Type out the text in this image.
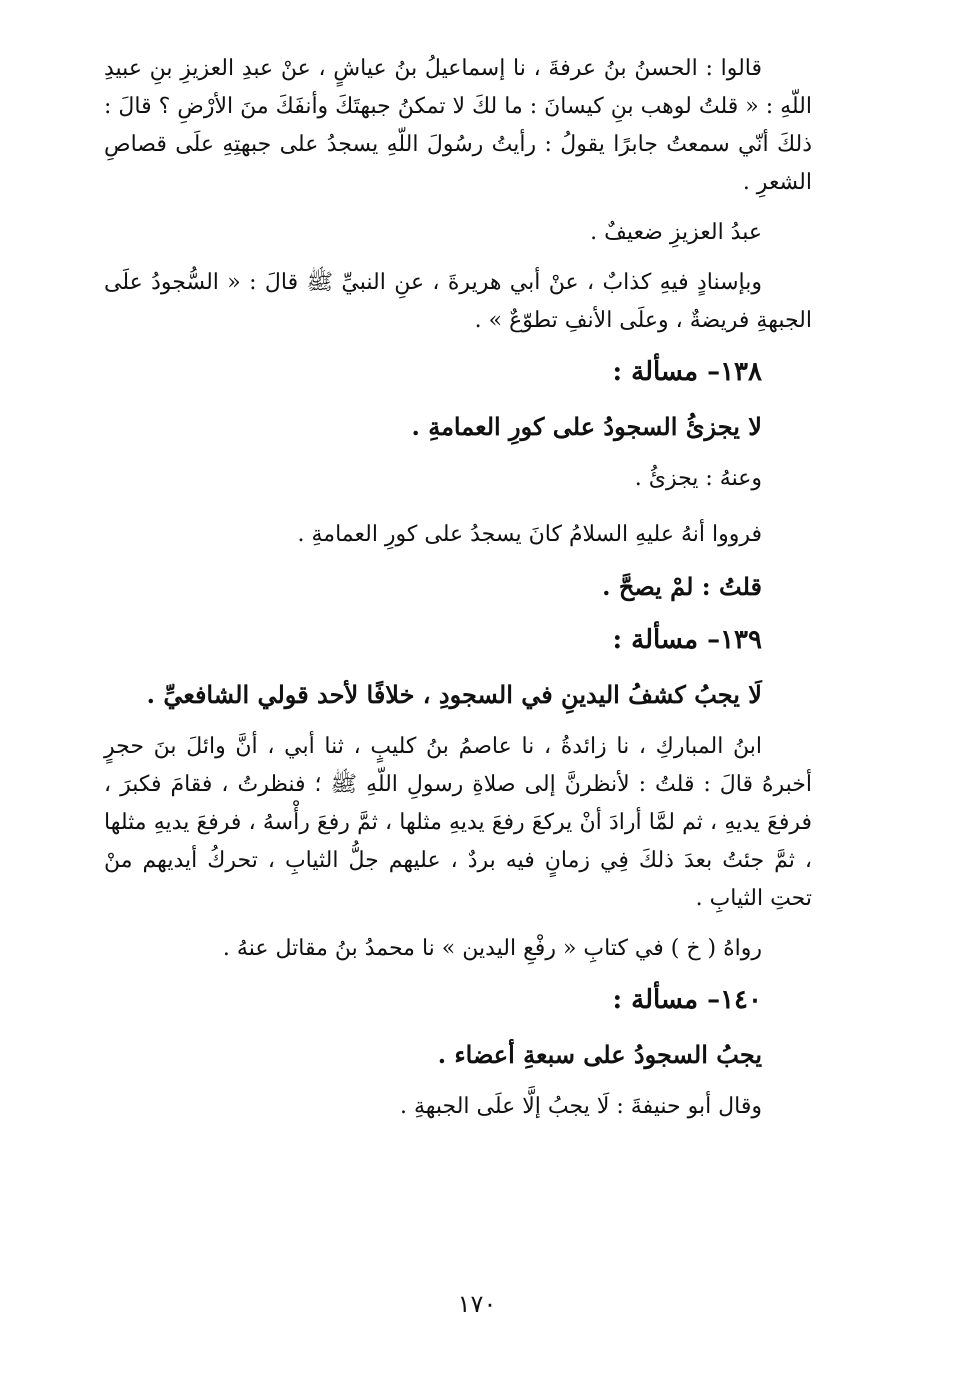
قالوا : الحسنُ بنُ عرفةَ ، نا إسماعيلُ بنُ عياشٍ ، عنْ عبدِ العزيزِ بنِ عبيدِ اللّهِ : « قلتُ لوهب بنِ كيسانَ : ما لكَ لا تمكنُ جبهتَكَ وأنفَكَ منَ الأرْضِ ؟ قالَ : ذلكَ أنّي سمعتُ جابرًا يقولُ : رأيتُ رسُولَ اللّهِ يسجدُ على جبهتِهِ علَى قصاصِ الشعرِ .

عبدُ العزيزِ ضعيفٌ .

وبإسنادٍ فيهِ كذابٌ ، عنْ أبي هريرةَ ، عنِ النبيِّ ﷺ قالَ : « السُّجودُ علَى الجبهةِ فريضةٌ ، وعلَى الأنفِ تطوّعٌ » .

١٣٨– مسألة :

لا يجزئُ السجودُ على كورِ العمامةِ .

وعنهُ : يجزئُ .

فرووا أنهُ عليهِ السلامُ كانَ يسجدُ على كورِ العمامةِ .

قلتُ : لمْ يصحَّ .

١٣٩– مسألة :

لَا يجبُ كشفُ اليدينِ في السجودِ ، خلافًا لأحد قولي الشافعيِّ .

ابنُ المباركِ ، نا زائدةُ ، نا عاصمُ بنُ كليبٍ ، ثنا أبي ، أنَّ وائلَ بنَ حجرٍ أخبرهُ قالَ : قلتُ : لأنظرنَّ إلى صلاةِ رسولِ اللّهِ ﷺ ؛ فنظرتُ ، فقامَ فكبرَ ، فرفعَ يديهِ ، ثم لمَّا أرادَ أنْ يركعَ رفعَ يديهِ مثلها ، ثمَّ رفعَ رأْسهُ ، فرفعَ يديهِ مثلها ، ثمَّ جئتُ بعدَ ذلكَ فِي زمانٍ فيه بردٌ ، عليهم جلُّ الثيابِ ، تحركُ أيديهم منْ تحتِ الثيابِ .

رواهُ ( خ ) في كتابِ « رفْعِ اليدين » نا محمدُ بنُ مقاتل عنهُ .

١٤٠– مسألة :

يجبُ السجودُ على سبعةِ أعضاء .

وقال أبو حنيفةَ : لَا يجبُ إلَّا علَى الجبهةِ .

١٧٠
